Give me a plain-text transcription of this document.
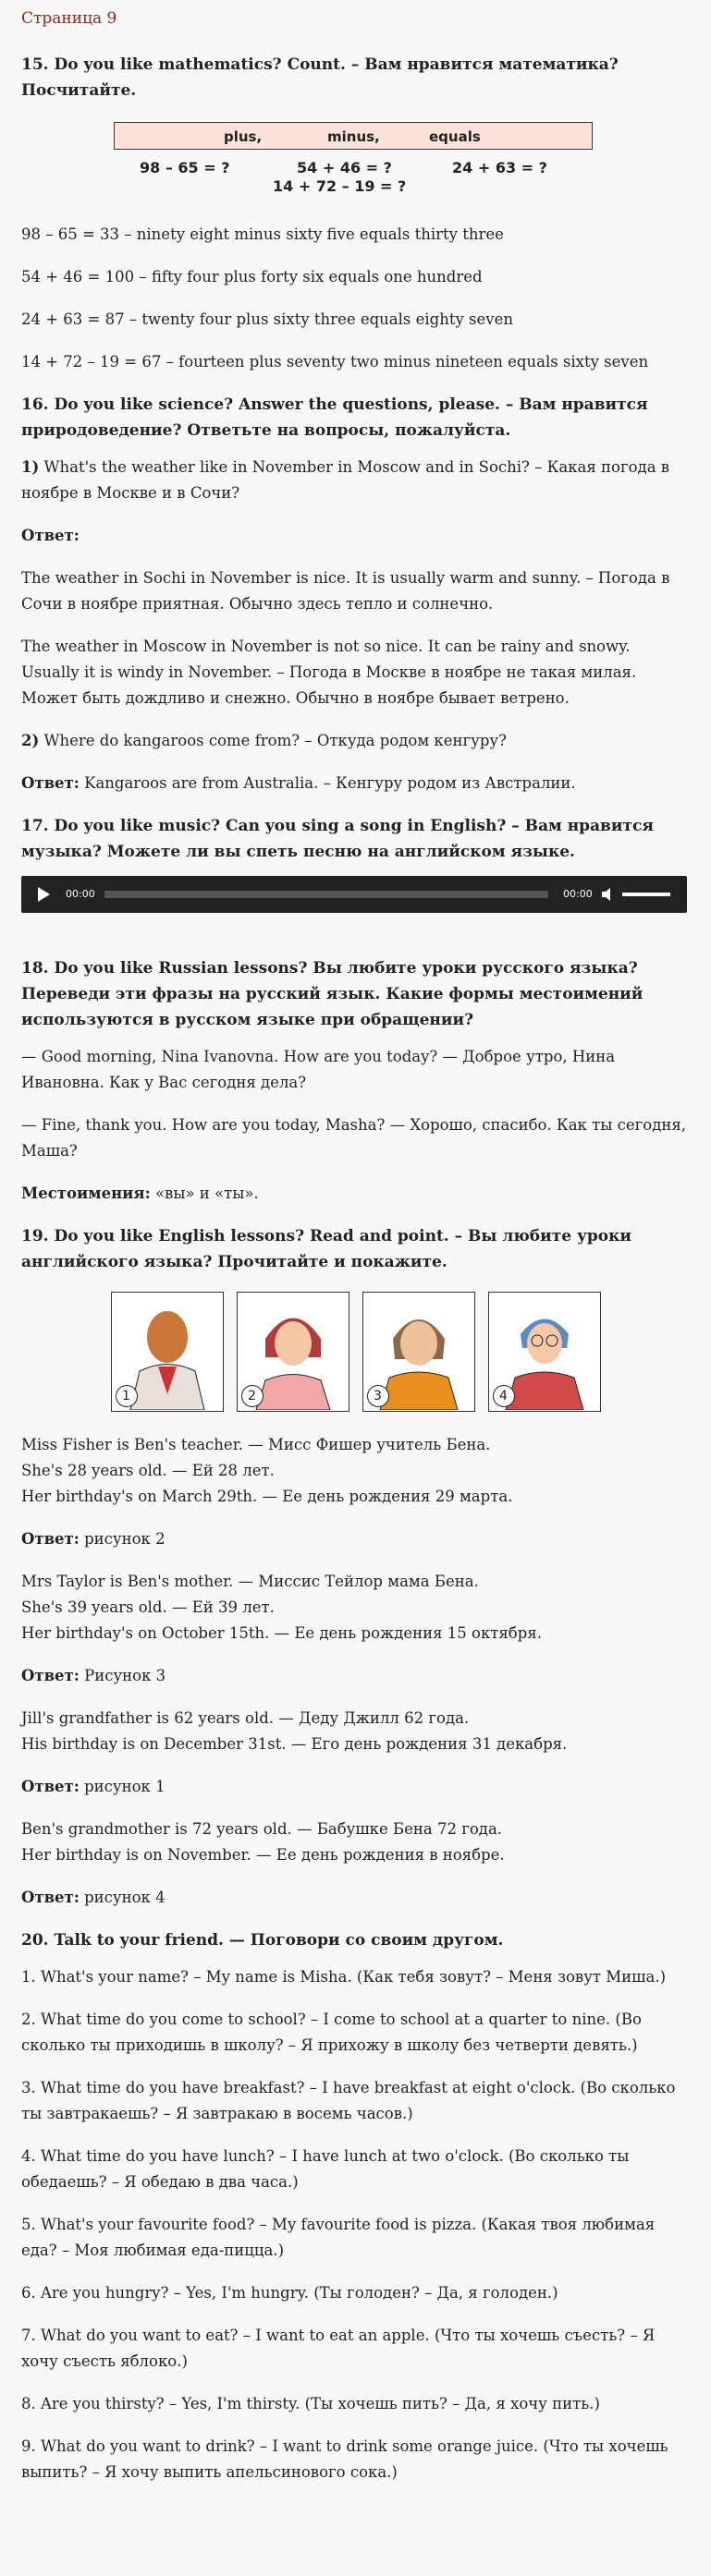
Страница 9
15. Do you like mathematics? Count. – Вам нравится математика? Посчитайте.
plus,	minus,	equals
98 – 65 = ?	54 + 46 = ?	24 + 63 = ?
14 + 72 – 19 = ?

98 – 65 = 33 – ninety eight minus sixty five equals thirty three

54 + 46 = 100 – fifty four plus forty six equals one hundred

24 + 63 = 87 – twenty four plus sixty three equals eighty seven

14 + 72 – 19 = 67 – fourteen plus seventy two minus nineteen equals sixty seven

16. Do you like science? Answer the questions, please. – Вам нравится природоведение? Ответьте на вопросы, пожалуйста.

1) What's the weather like in November in Moscow and in Sochi? – Какая погода в ноябре в Москве и в Сочи?

Ответ:

The weather in Sochi in November is nice. It is usually warm and sunny. – Погода в Сочи в ноябре приятная. Обычно здесь тепло и солнечно.

The weather in Moscow in November is not so nice. It can be rainy and snowy. Usually it is windy in November. – Погода в Москве в ноябре не такая милая. Может быть дождливо и снежно. Обычно в ноябре бывает ветрено.

2) Where do kangaroos come from? – Откуда родом кенгуру?

Ответ: Kangaroos are from Australia. – Кенгуру родом из Австралии.

17. Do you like music? Can you sing a song in English? – Вам нравится музыка? Можете ли вы спеть песню на английском языке.
00:00	00:00
18. Do you like Russian lessons? Вы любите уроки русского языка? Переведи эти фразы на русский язык. Какие формы местоимений используются в русском языке при обращении?

— Good morning, Nina Ivanovna. How are you today? — Доброе утро, Нина Ивановна. Как у Вас сегодня дела?

— Fine, thank you. How are you today, Masha? — Хорошо, спасибо. Как ты сегодня, Маша?

Местоимения: «вы» и «ты».

19. Do you like English lessons? Read and point. – Вы любите уроки английского языка? Прочитайте и покажите.
1	2	3	4

Miss Fisher is Ben's teacher. — Мисс Фишер учитель Бена.

She's 28 years old. — Ей 28 лет.

Her birthday's on March 29th. — Ее день рождения 29 марта.

Ответ: рисунок 2

Mrs Taylor is Ben's mother. — Миссис Тейлор мама Бена.

She's 39 years old. — Ей 39 лет.

Her birthday's on October 15th. — Ее день рождения 15 октября.

Ответ: Рисунок 3

Jill's grandfather is 62 years old. — Деду Джилл 62 года.

His birthday is on December 31st. — Его день рождения 31 декабря.

Ответ: рисунок 1

Ben's grandmother is 72 years old. — Бабушке Бена 72 года.

Her birthday is on November. — Ее день рождения в ноябре.

Ответ: рисунок 4

20. Talk to your friend. — Поговори со своим другом.

1. What's your name? – My name is Misha. (Как тебя зовут? – Меня зовут Миша.)

2. What time do you come to school? – I come to school at a quarter to nine. (Во сколько ты приходишь в школу? – Я прихожу в школу без четверти девять.)

3. What time do you have breakfast? – I have breakfast at eight o'clock. (Во сколько ты завтракаешь? – Я завтракаю в восемь часов.)

4. What time do you have lunch? – I have lunch at two o'clock. (Во сколько ты обедаешь? – Я обедаю в два часа.)

5. What's your favourite food? – My favourite food is pizza. (Какая твоя любимая еда? – Моя любимая еда-пицца.)

6. Are you hungry? – Yes, I'm hungry. (Ты голоден? – Да, я голоден.)

7. What do you want to eat? – I want to eat an apple. (Что ты хочешь съесть? – Я хочу съесть яблоко.)

8. Are you thirsty? – Yes, I'm thirsty. (Ты хочешь пить? – Да, я хочу пить.)

9. What do you want to drink? – I want to drink some orange juice. (Что ты хочешь выпить? – Я хочу выпить апельсинового сока.)
